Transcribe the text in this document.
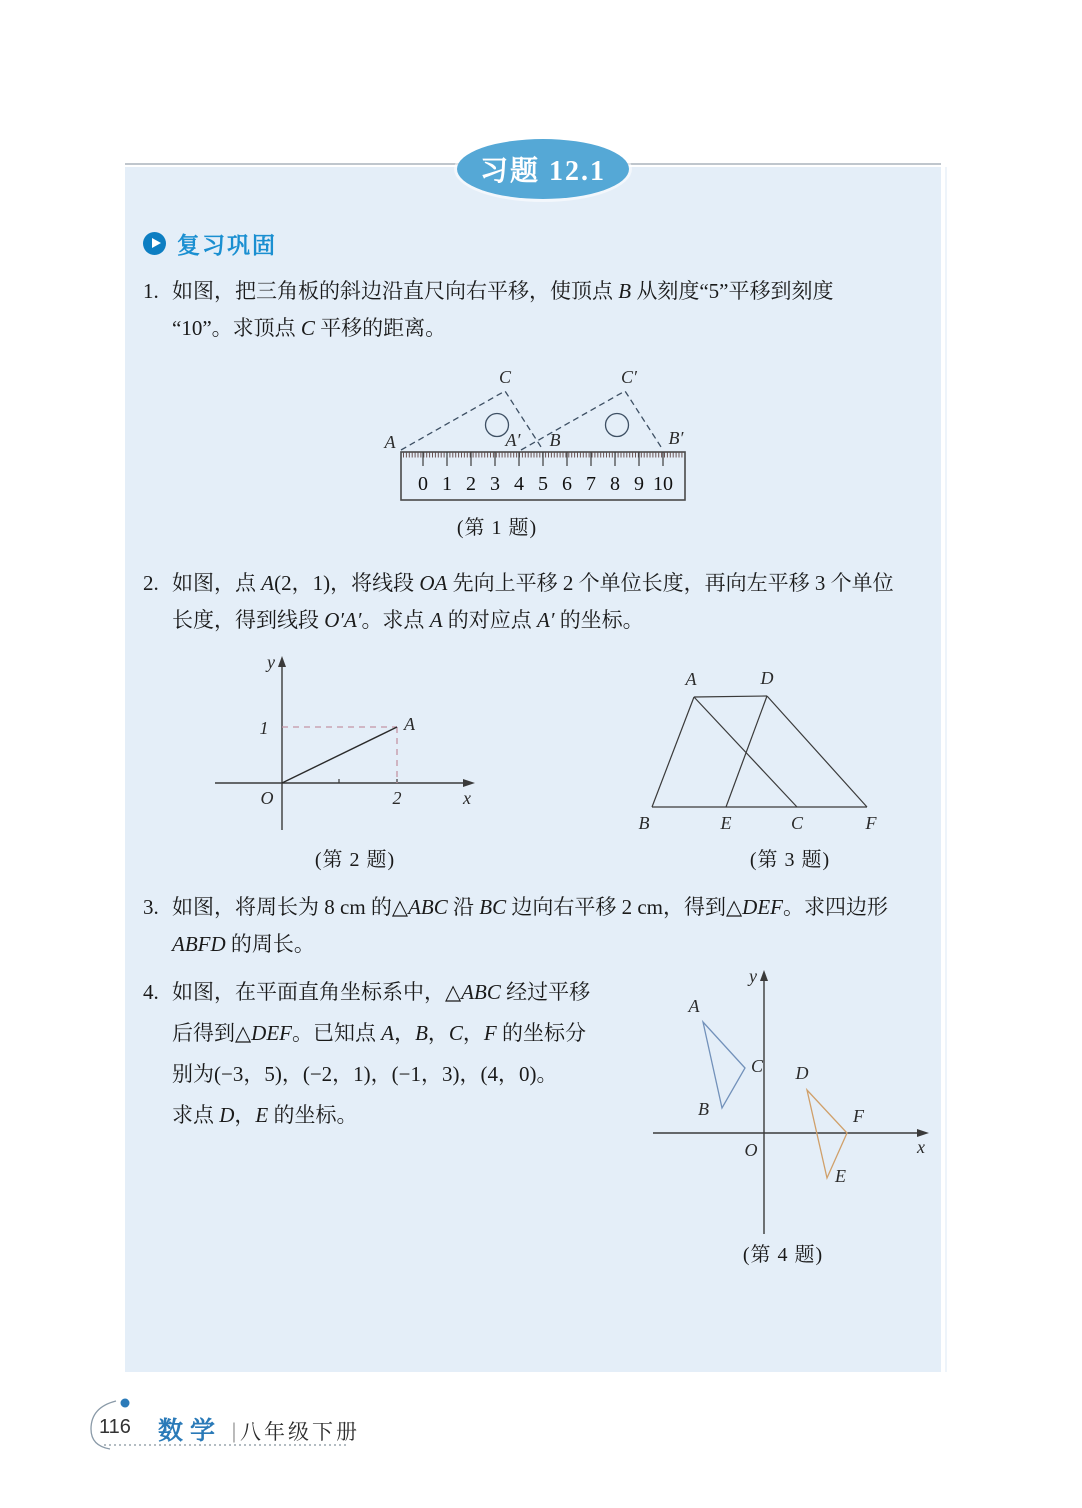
习题 12.1
复习巩固
1. 如图，把三角板的斜边沿直尺向右平移，使顶点 B 从刻度“5”平移到刻度
“10”。求顶点 C 平移的距离。
0 1 2 3 4 5 6 7 8 9 10
A	A′ B	B′
C	C′
(第 1 题)
2. 如图，点 A(2，1)，将线段 OA 先向上平移 2 个单位长度，再向左平移 3 个单位
长度，得到线段 O′A′。求点 A 的对应点 A′ 的坐标。
O
y
x
1
2
A
(第 2 题)
A	D
B	E	C	F
(第 3 题)
3. 如图，将周长为 8 cm 的△ABC 沿 BC 边向右平移 2 cm，得到△DEF。求四边形
ABFD 的周长。
4. 如图，在平面直角坐标系中，△ABC 经过平移
后得到△DEF。已知点 A，B，C，F 的坐标分
别为(−3，5)，(−2，1)，(−1，3)，(4，0)。
求点 D，E 的坐标。
A
B
C D
E
F
O
y
x
(第 4 题)
116 数学 ｜
八年级下册
